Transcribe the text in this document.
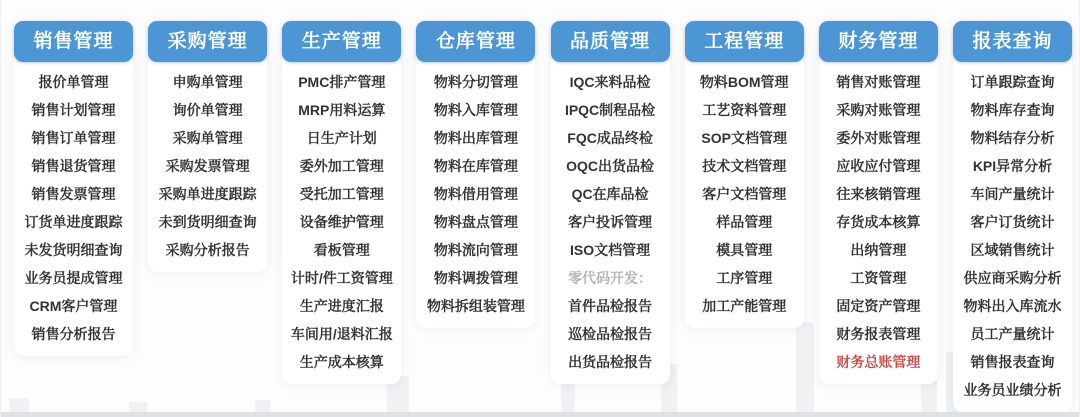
销售管理
报价单管理
销售计划管理
销售订单管理
销售退货管理
销售发票管理
订货单进度跟踪
未发货明细查询
业务员提成管理
CRM客户管理
销售分析报告
采购管理
申购单管理
询价单管理
采购单管理
采购发票管理
采购单进度跟踪
未到货明细查询
采购分析报告
生产管理
PMC排产管理
MRP用料运算
日生产计划
委外加工管理
受托加工管理
设备维护管理
看板管理
计时/件工资管理
生产进度汇报
车间用/退料汇报
生产成本核算
仓库管理
物料分切管理
物料入库管理
物料出库管理
物料在库管理
物料借用管理
物料盘点管理
物料流向管理
物料调拨管理
物料拆组装管理
品质管理
IQC来料品检
IPQC制程品检
FQC成品终检
OQC出货品检
QC在库品检
客户投诉管理
ISO文档管理
零代码开发：
首件品检报告
巡检品检报告
出货品检报告
工程管理
物料BOM管理
工艺资料管理
SOP文档管理
技术文档管理
客户文档管理
样品管理
模具管理
工序管理
加工产能管理
财务管理
销售对账管理
采购对账管理
委外对账管理
应收应付管理
往来核销管理
存货成本核算
出纳管理
工资管理
固定资产管理
财务报表管理
财务总账管理
报表查询
订单跟踪查询
物料库存查询
物料结存分析
KPI异常分析
车间产量统计
客户订货统计
区域销售统计
供应商采购分析
物料出入库流水
员工产量统计
销售报表查询
业务员业绩分析
